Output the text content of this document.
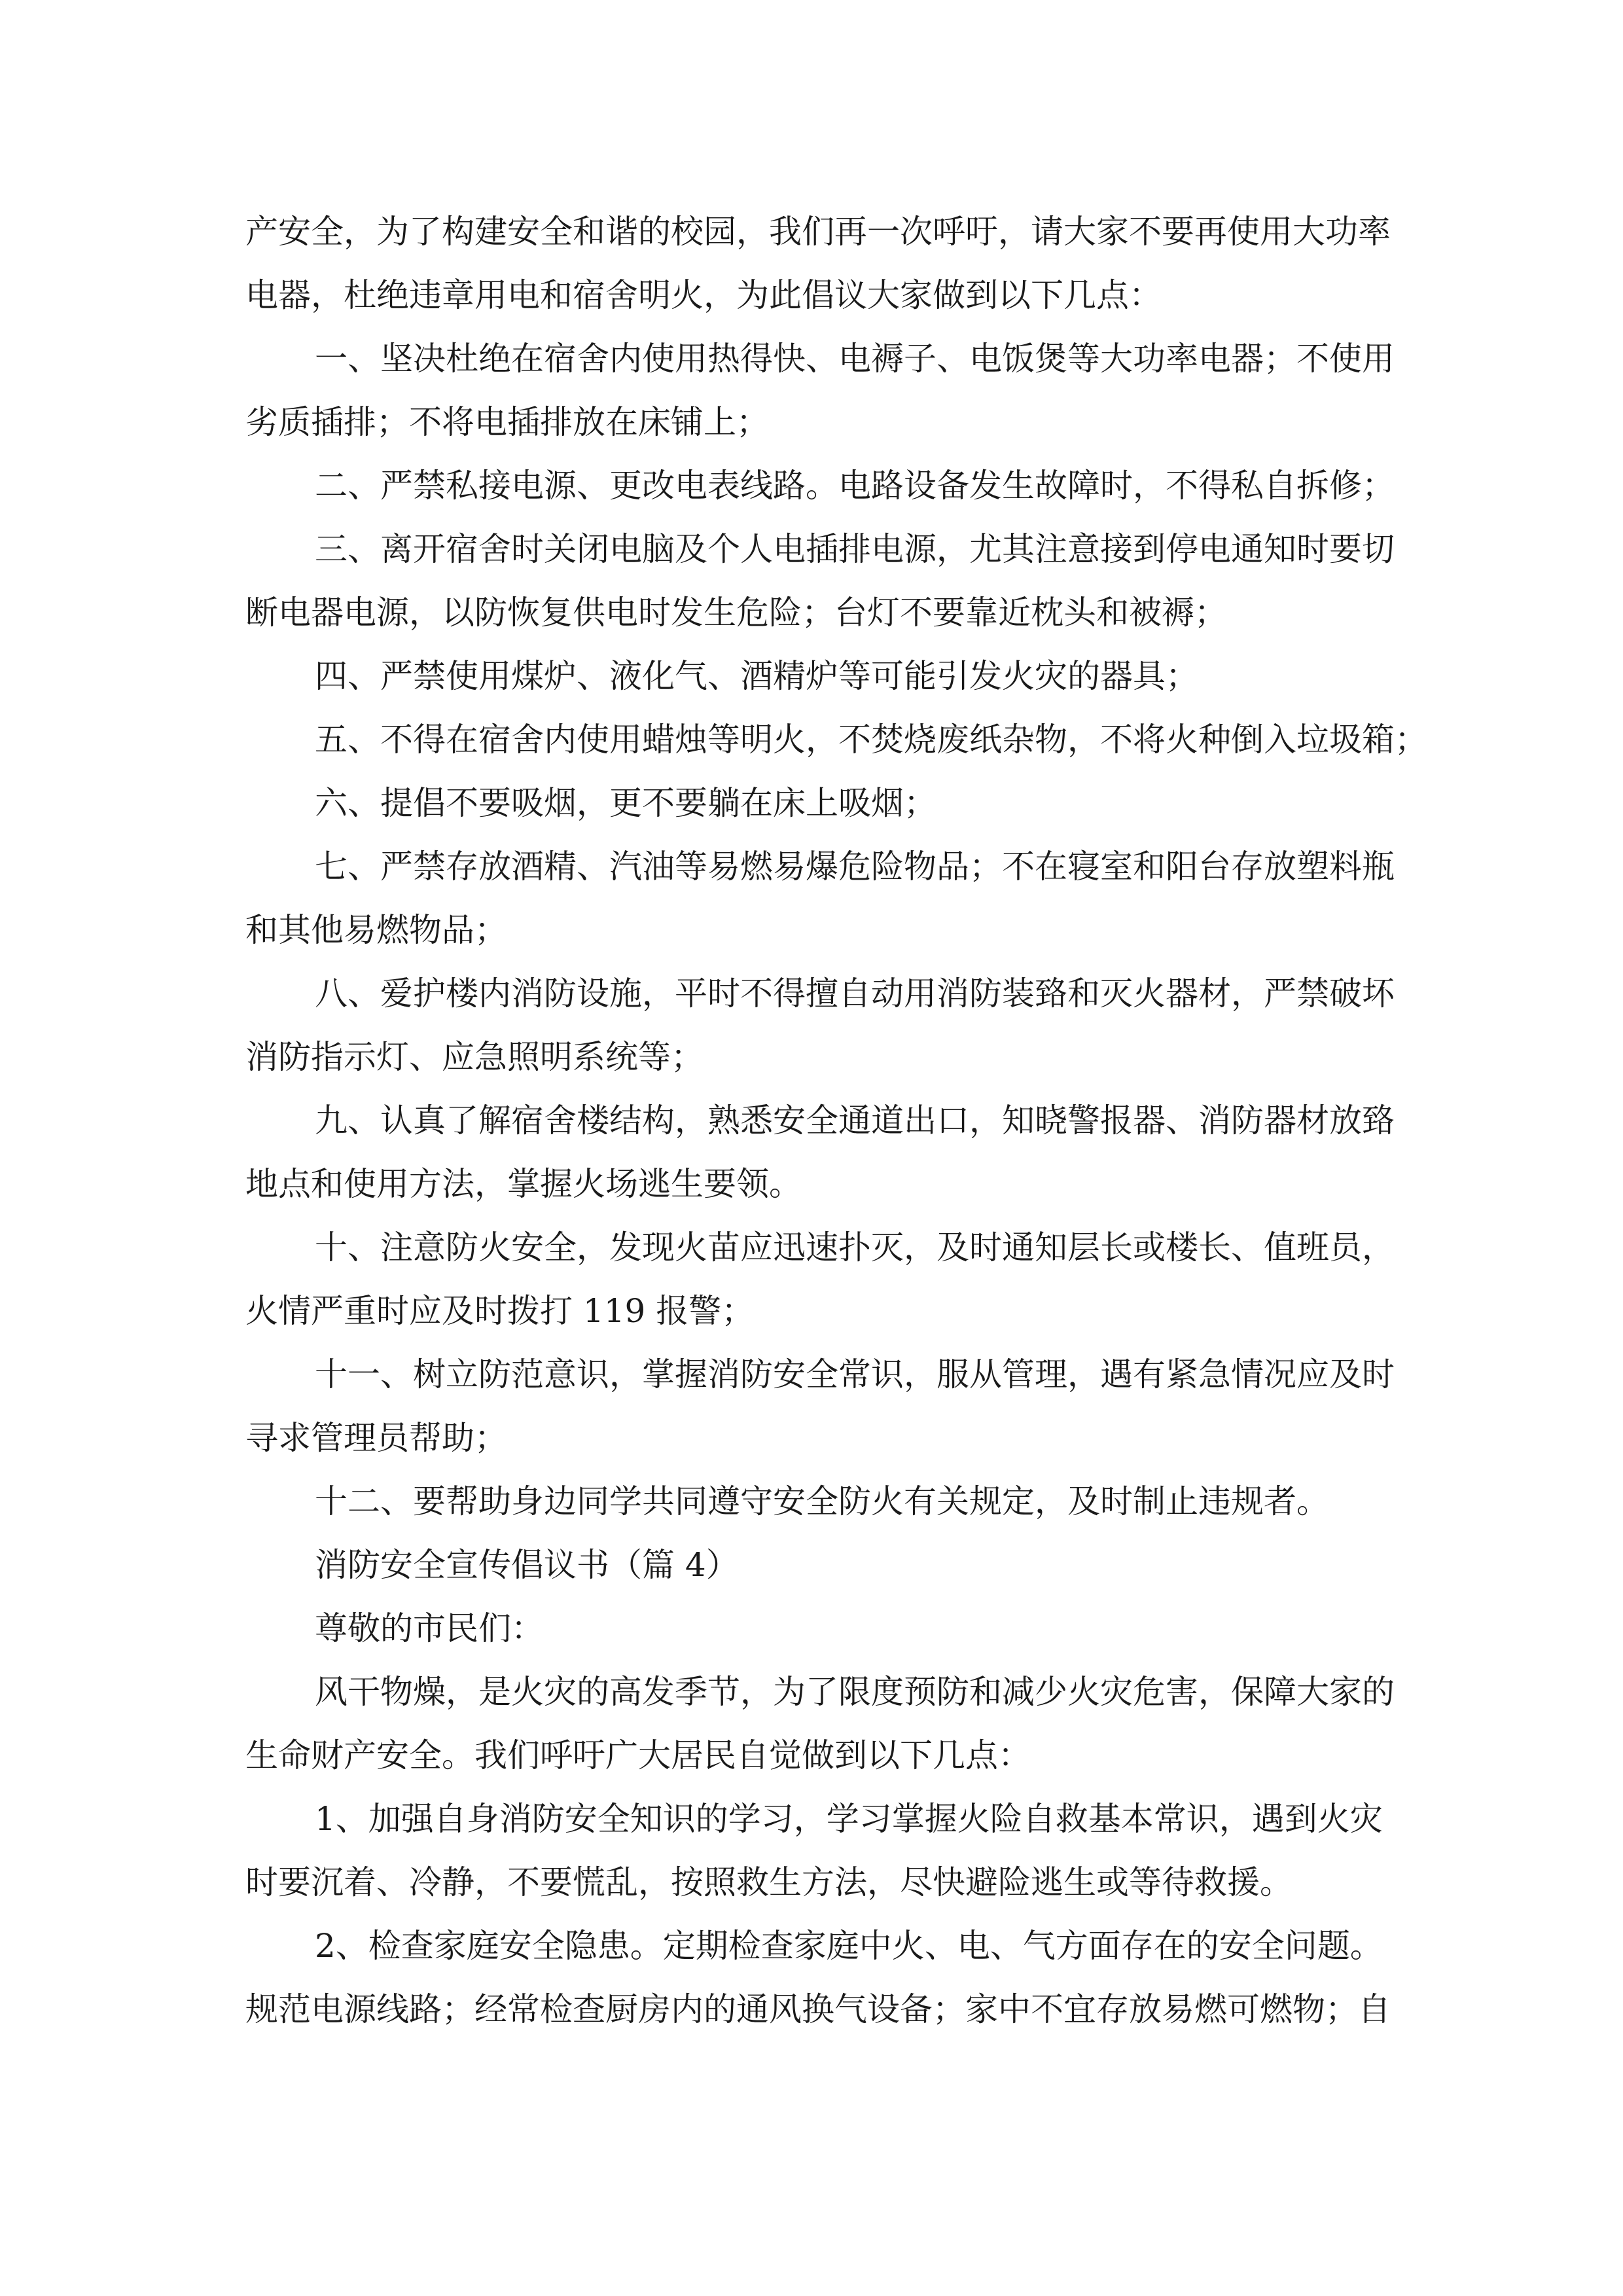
产安全，为了构建安全和谐的校园，我们再一次呼吁，请大家不要再使用大功率
电器，杜绝违章用电和宿舍明火，为此倡议大家做到以下几点：

一、坚决杜绝在宿舍内使用热得快、电褥子、电饭煲等大功率电器；不使用
劣质插排；不将电插排放在床铺上；

二、严禁私接电源、更改电表线路。电路设备发生故障时，不得私自拆修；

三、离开宿舍时关闭电脑及个人电插排电源，尤其注意接到停电通知时要切
断电器电源，以防恢复供电时发生危险；台灯不要靠近枕头和被褥；

四、严禁使用煤炉、液化气、酒精炉等可能引发火灾的器具；

五、不得在宿舍内使用蜡烛等明火，不焚烧废纸杂物，不将火种倒入垃圾箱；

六、提倡不要吸烟，更不要躺在床上吸烟；

七、严禁存放酒精、汽油等易燃易爆危险物品；不在寝室和阳台存放塑料瓶
和其他易燃物品；

八、爱护楼内消防设施，平时不得擅自动用消防装臵和灭火器材，严禁破坏
消防指示灯、应急照明系统等；

九、认真了解宿舍楼结构，熟悉安全通道出口，知晓警报器、消防器材放臵
地点和使用方法，掌握火场逃生要领。

十、注意防火安全，发现火苗应迅速扑灭，及时通知层长或楼长、值班员，
火情严重时应及时拨打 119 报警；

十一、树立防范意识，掌握消防安全常识，服从管理，遇有紧急情况应及时
寻求管理员帮助；

十二、要帮助身边同学共同遵守安全防火有关规定，及时制止违规者。

消防安全宣传倡议书（篇 4）

尊敬的市民们：

风干物燥，是火灾的高发季节，为了限度预防和减少火灾危害，保障大家的
生命财产安全。我们呼吁广大居民自觉做到以下几点：

1、加强自身消防安全知识的学习，学习掌握火险自救基本常识，遇到火灾
时要沉着、冷静，不要慌乱，按照救生方法，尽快避险逃生或等待救援。

2、检查家庭安全隐患。定期检查家庭中火、电、气方面存在的安全问题。
规范电源线路；经常检查厨房内的通风换气设备；家中不宜存放易燃可燃物；自
